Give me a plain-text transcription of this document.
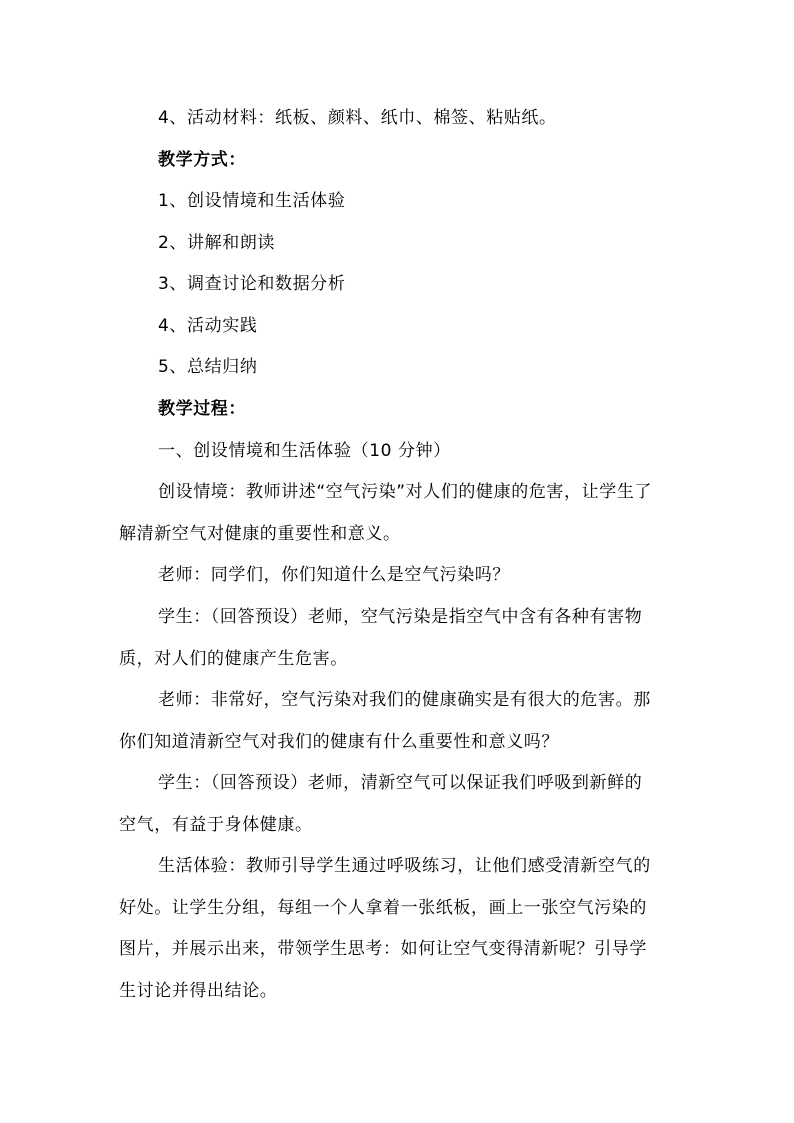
4、活动材料：纸板、颜料、纸巾、棉签、粘贴纸。
教学方式：
1、创设情境和生活体验
2、讲解和朗读
3、调查讨论和数据分析
4、活动实践
5、总结归纳
教学过程：
一、创设情境和生活体验（10 分钟）
创设情境：教师讲述“空气污染”对人们的健康的危害，让学生了
解清新空气对健康的重要性和意义。
老师：同学们，你们知道什么是空气污染吗？
学生：（回答预设）老师，空气污染是指空气中含有各种有害物
质，对人们的健康产生危害。
老师：非常好，空气污染对我们的健康确实是有很大的危害。那
你们知道清新空气对我们的健康有什么重要性和意义吗？
学生：（回答预设）老师，清新空气可以保证我们呼吸到新鲜的
空气，有益于身体健康。
生活体验：教师引导学生通过呼吸练习，让他们感受清新空气的
好处。让学生分组，每组一个人拿着一张纸板，画上一张空气污染的
图片，并展示出来，带领学生思考：如何让空气变得清新呢？引导学
生讨论并得出结论。
